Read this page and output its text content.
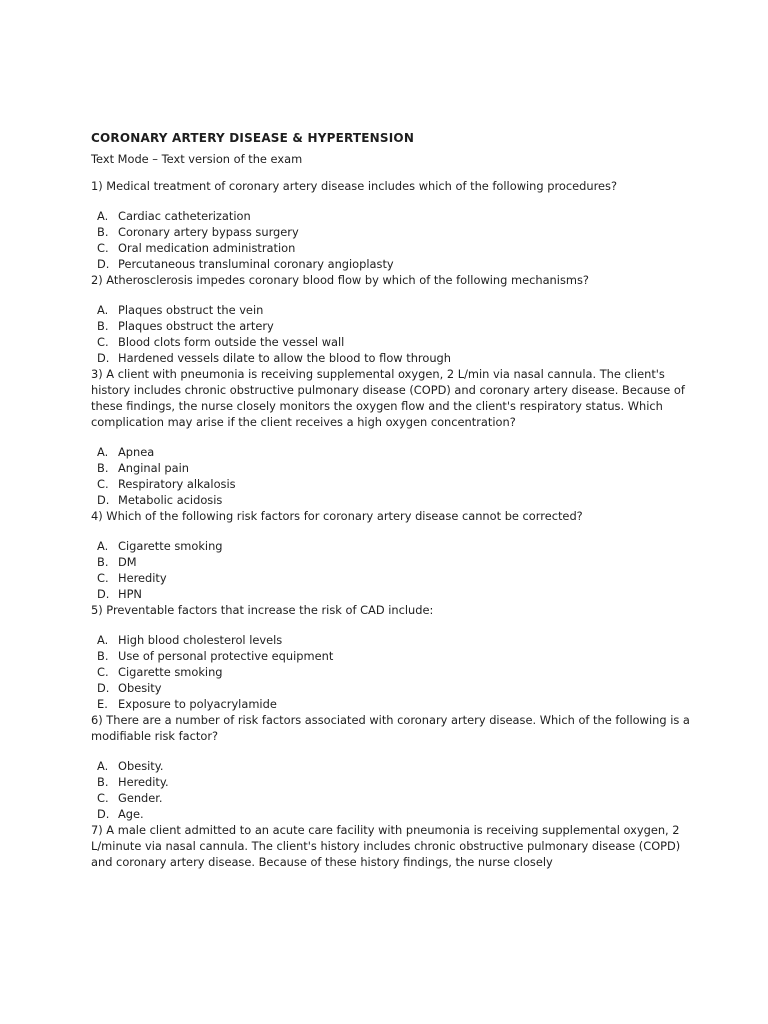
CORONARY ARTERY DISEASE & HYPERTENSION
Text Mode – Text version of the exam

1) Medical treatment of coronary artery disease includes which of the following procedures?

A. Cardiac catheterization
B. Coronary artery bypass surgery
C. Oral medication administration
D. Percutaneous transluminal coronary angioplasty

2) Atherosclerosis impedes coronary blood flow by which of the following mechanisms?

A. Plaques obstruct the vein
B. Plaques obstruct the artery
C. Blood clots form outside the vessel wall
D. Hardened vessels dilate to allow the blood to flow through

3) A client with pneumonia is receiving supplemental oxygen, 2 L/min via nasal cannula. The client's history includes chronic obstructive pulmonary disease (COPD) and coronary artery disease. Because of these findings, the nurse closely monitors the oxygen flow and the client's respiratory status. Which complication may arise if the client receives a high oxygen concentration?

A. Apnea
B. Anginal pain
C. Respiratory alkalosis
D. Metabolic acidosis

4) Which of the following risk factors for coronary artery disease cannot be corrected?

A. Cigarette smoking
B. DM
C. Heredity
D. HPN

5) Preventable factors that increase the risk of CAD include:

A. High blood cholesterol levels
B. Use of personal protective equipment
C. Cigarette smoking
D. Obesity
E. Exposure to polyacrylamide

6) There are a number of risk factors associated with coronary artery disease. Which of the following is a modifiable risk factor?

A. Obesity.
B. Heredity.
C. Gender.
D. Age.

7) A male client admitted to an acute care facility with pneumonia is receiving supplemental oxygen, 2 L/minute via nasal cannula. The client's history includes chronic obstructive pulmonary disease (COPD) and coronary artery disease. Because of these history findings, the nurse closely
